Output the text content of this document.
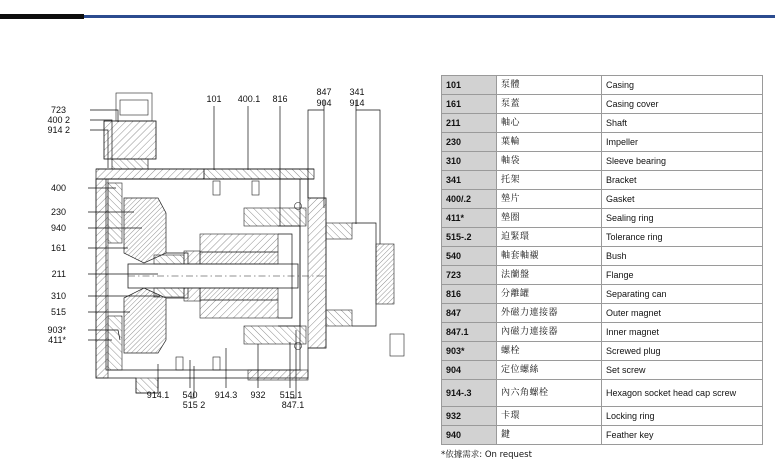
723
400 2
914 2
400
230
940
161
211
310
515
903*
411*
101 400.1 816
847
904
341
914
914.1 540
515 2
914.3 932 515.1
847.1
101	泵體	Casing
161	泵蓋	Casing cover
211	軸心	Shaft
230	葉輪	Impeller
310	軸袋	Sleeve bearing
341	托架	Bracket
400/.2	墊片	Gasket
411*	墊圈	Sealing ring
515-.2	迫緊環	Tolerance ring
540	軸套軸襯	Bush
723	法蘭盤	Flange
816	分離罐	Separating can
847	外磁力連接器	Outer magnet
847.1	內磁力連接器	Inner magnet
903*	螺栓	Screwed plug
904	定位螺絲	Set screw
914-.3	內六角螺栓	Hexagon socket head cap screw
932	卡環	Locking ring
940	鍵	Feather key
*依據需求: On request
